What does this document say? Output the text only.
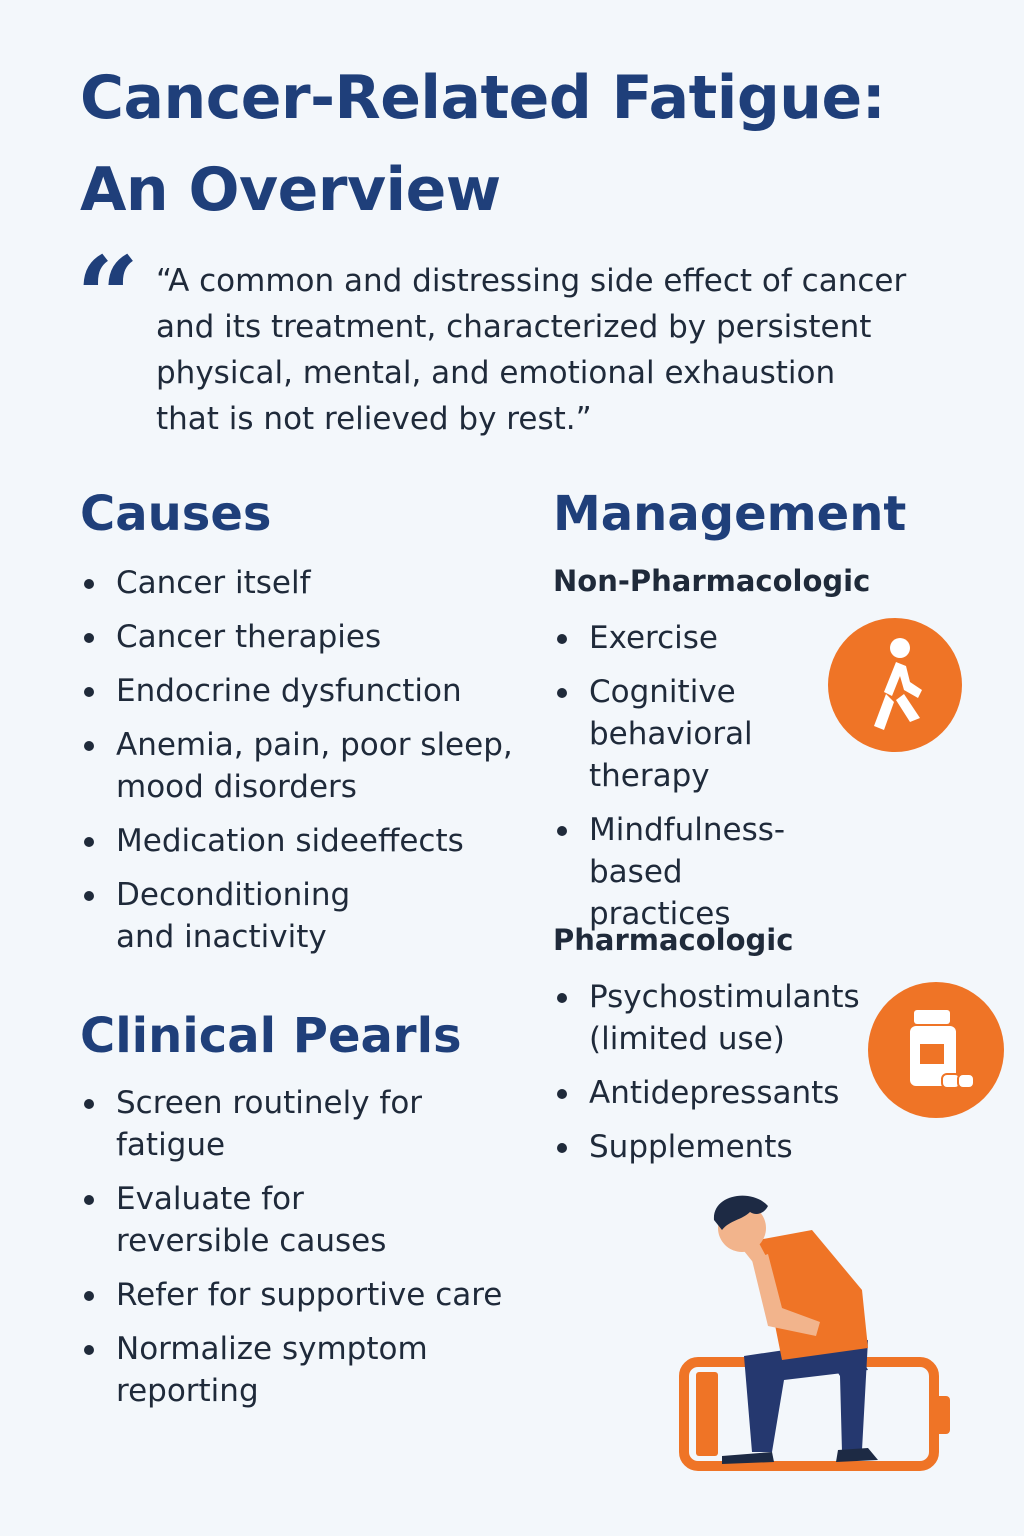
Cancer-Related Fatigue:
An Overview
“ “A common and distressing side effect of cancer
and its treatment, characterized by persistent
physical, mental, and emotional exhaustion
that is not relieved by rest.”
Causes
Cancer itself
Cancer therapies
Endocrine dysfunction
Anemia, pain, poor sleep,
mood disorders
Medication sideeffects
Deconditioning
and inactivity
Clinical Pearls
Screen routinely for
fatigue
Evaluate for
reversible causes
Refer for supportive care
Normalize symptom
reporting
Management
Non-Pharmacologic
Exercise
Cognitive
behavioral
therapy
Mindfulness-based
practices
Pharmacologic
Psychostimulants
(limited use)
Antidepressants
Supplements
